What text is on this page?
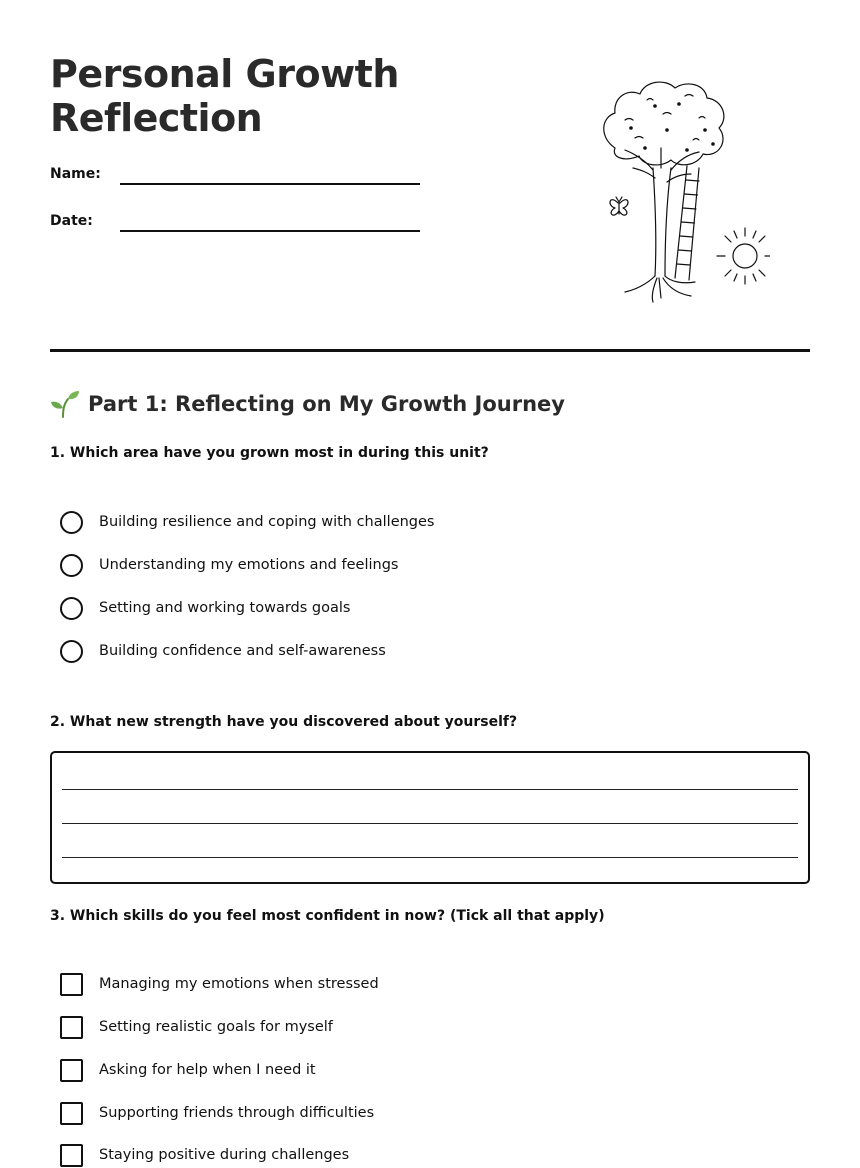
Personal Growth
Reflection
Name:
Date:
Part 1: Reflecting on My Growth Journey
1. Which area have you grown most in during this unit?
Building resilience and coping with challenges
Understanding my emotions and feelings
Setting and working towards goals
Building confidence and self-awareness
2. What new strength have you discovered about yourself?
3. Which skills do you feel most confident in now? (Tick all that apply)
Managing my emotions when stressed
Setting realistic goals for myself
Asking for help when I need it
Supporting friends through difficulties
Staying positive during challenges
